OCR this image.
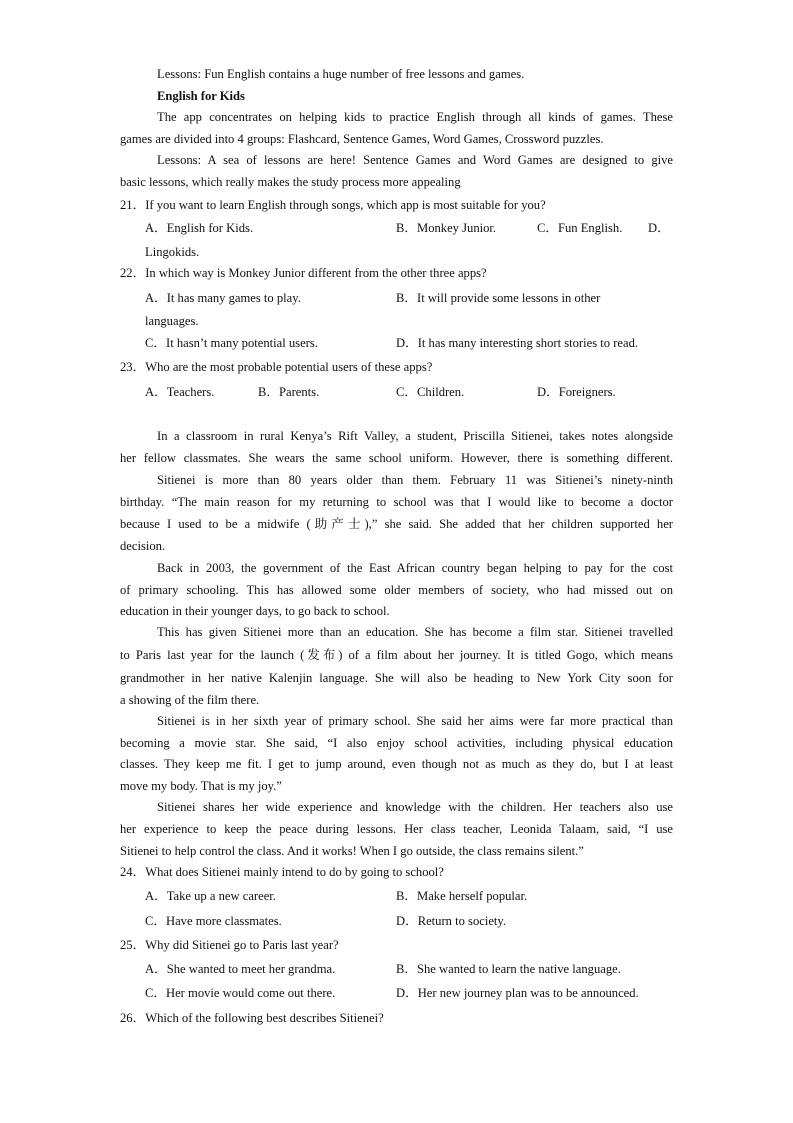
Lessons: Fun English contains a huge number of free lessons and games.
English for Kids
The app concentrates on helping kids to practice English through all kinds of games. These
games are divided into 4 groups: Flashcard, Sentence Games, Word Games, Crossword puzzles.
Lessons: A sea of lessons are here! Sentence Games and Word Games are designed to give
basic lessons, which really makes the study process more appealing
21．If you want to learn English through songs, which app is most suitable for you?
A．English for Kids.	B．Monkey Junior.	C．Fun English. D．
Lingokids.
22．In which way is Monkey Junior different from the other three apps?
A．It has many games to play.	B．It will provide some lessons in other
languages.
C．It hasn’t many potential users.	D．It has many interesting short stories to read.
23．Who are the most probable potential users of these apps?
A．Teachers.	B．Parents.	C．Children.	D．Foreigners.
In a classroom in rural Kenya’s Rift Valley, a student, Priscilla Sitienei, takes notes alongside
her fellow classmates. She wears the same school uniform. However, there is something different.
Sitienei is more than 80 years older than them. February 11 was Sitienei’s ninety-ninth
birthday. “The main reason for my returning to school was that I would like to become a doctor
because I used to be a midwife (助产士),” she said. She added that her children supported her
decision.
Back in 2003, the government of the East African country began helping to pay for the cost
of primary schooling. This has allowed some older members of society, who had missed out on
education in their younger days, to go back to school.
This has given Sitienei more than an education. She has become a film star. Sitienei travelled
to Paris last year for the launch (发布) of a film about her journey. It is titled Gogo, which means
grandmother in her native Kalenjin language. She will also be heading to New York City soon for
a showing of the film there.
Sitienei is in her sixth year of primary school. She said her aims were far more practical than
becoming a movie star. She said, “I also enjoy school activities, including physical education
classes. They keep me fit. I get to jump around, even though not as much as they do, but I at least
move my body. That is my joy.”
Sitienei shares her wide experience and knowledge with the children. Her teachers also use
her experience to keep the peace during lessons. Her class teacher, Leonida Talaam, said, “I use
Sitienei to help control the class. And it works! When I go outside, the class remains silent.”
24．What does Sitienei mainly intend to do by going to school?
A．Take up a new career.	B．Make herself popular.
C．Have more classmates.	D．Return to society.
25．Why did Sitienei go to Paris last year?
A．She wanted to meet her grandma.	B．She wanted to learn the native language.
C．Her movie would come out there.	D．Her new journey plan was to be announced.
26．Which of the following best describes Sitienei?
